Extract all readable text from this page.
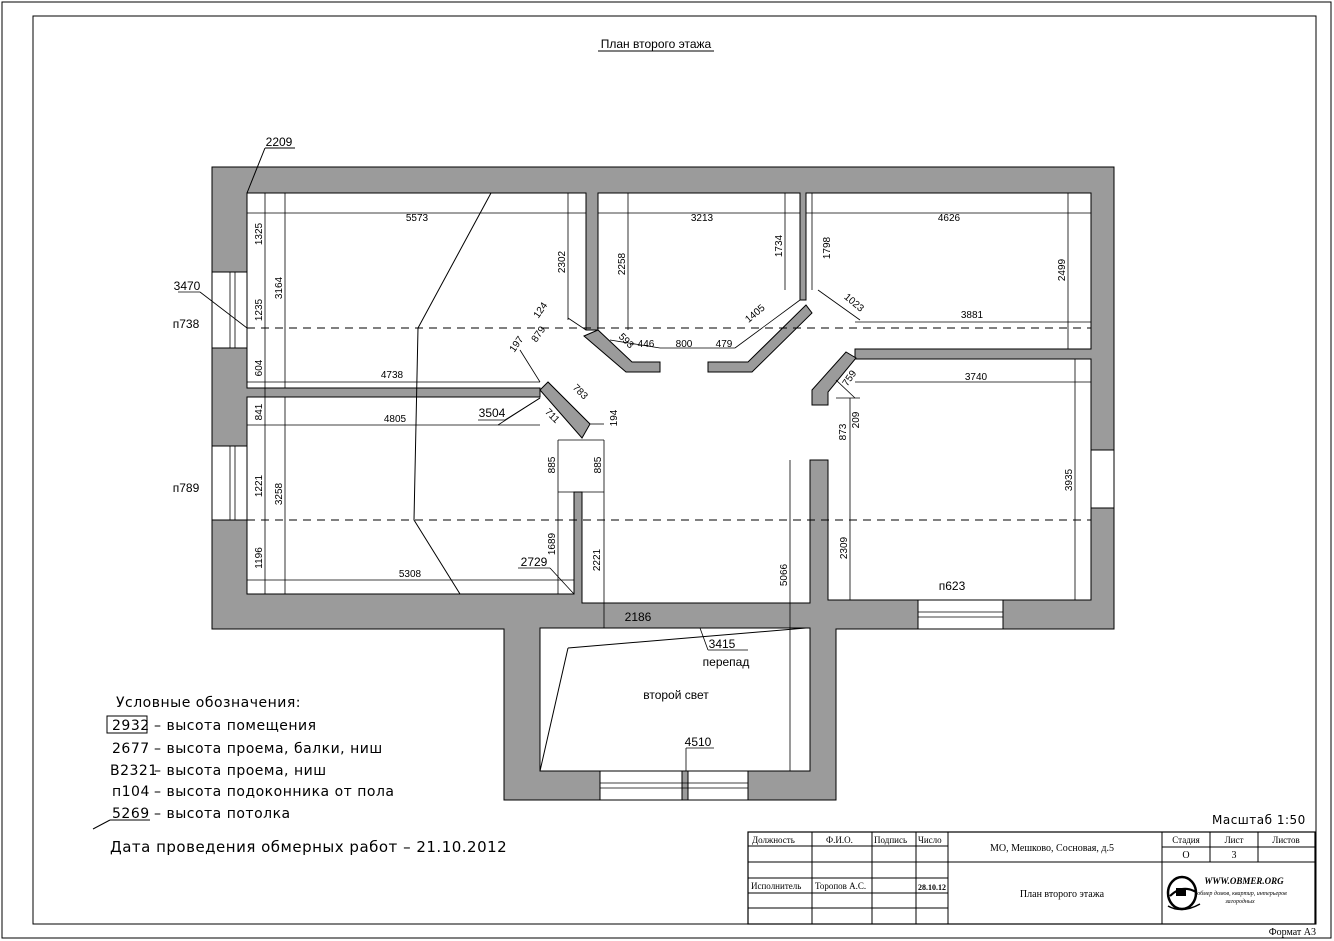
План второго этажа
5573	3213	4626
1325
1235
3164
604	4738
841	4805
1221 3258
1196
5308
2302	2258
1734	1798
2499
124
879
197	593 446 800 479
1405	1023
3881
783
711	194
885	885
759	3740
873
209
3935
2221
1689
5066
2309
2186
2209
3470
п738
3504
п789
2729
п623
3415
перепад
второй свет
4510
Условные обозначения:
2932 – высота помещения
2677 – высота проема, балки, ниш
В2321
– высота проема, ниш
п104 – высота подоконника от пола
5269 – высота потолка
Дата проведения обмерных работ – 21.10.2012
Масштаб 1:50
Должность	Ф.И.О. Подпись Число
МО, Мешково, Сосновая, д.5
Стадия	Лист	Листов
О	3
Исполнитель Торопов А.С.	28.10.12
План второго этажа
WWW.OBMER.ORG
обмер домов, квартир, интерьеров
загородных
Формат А3
